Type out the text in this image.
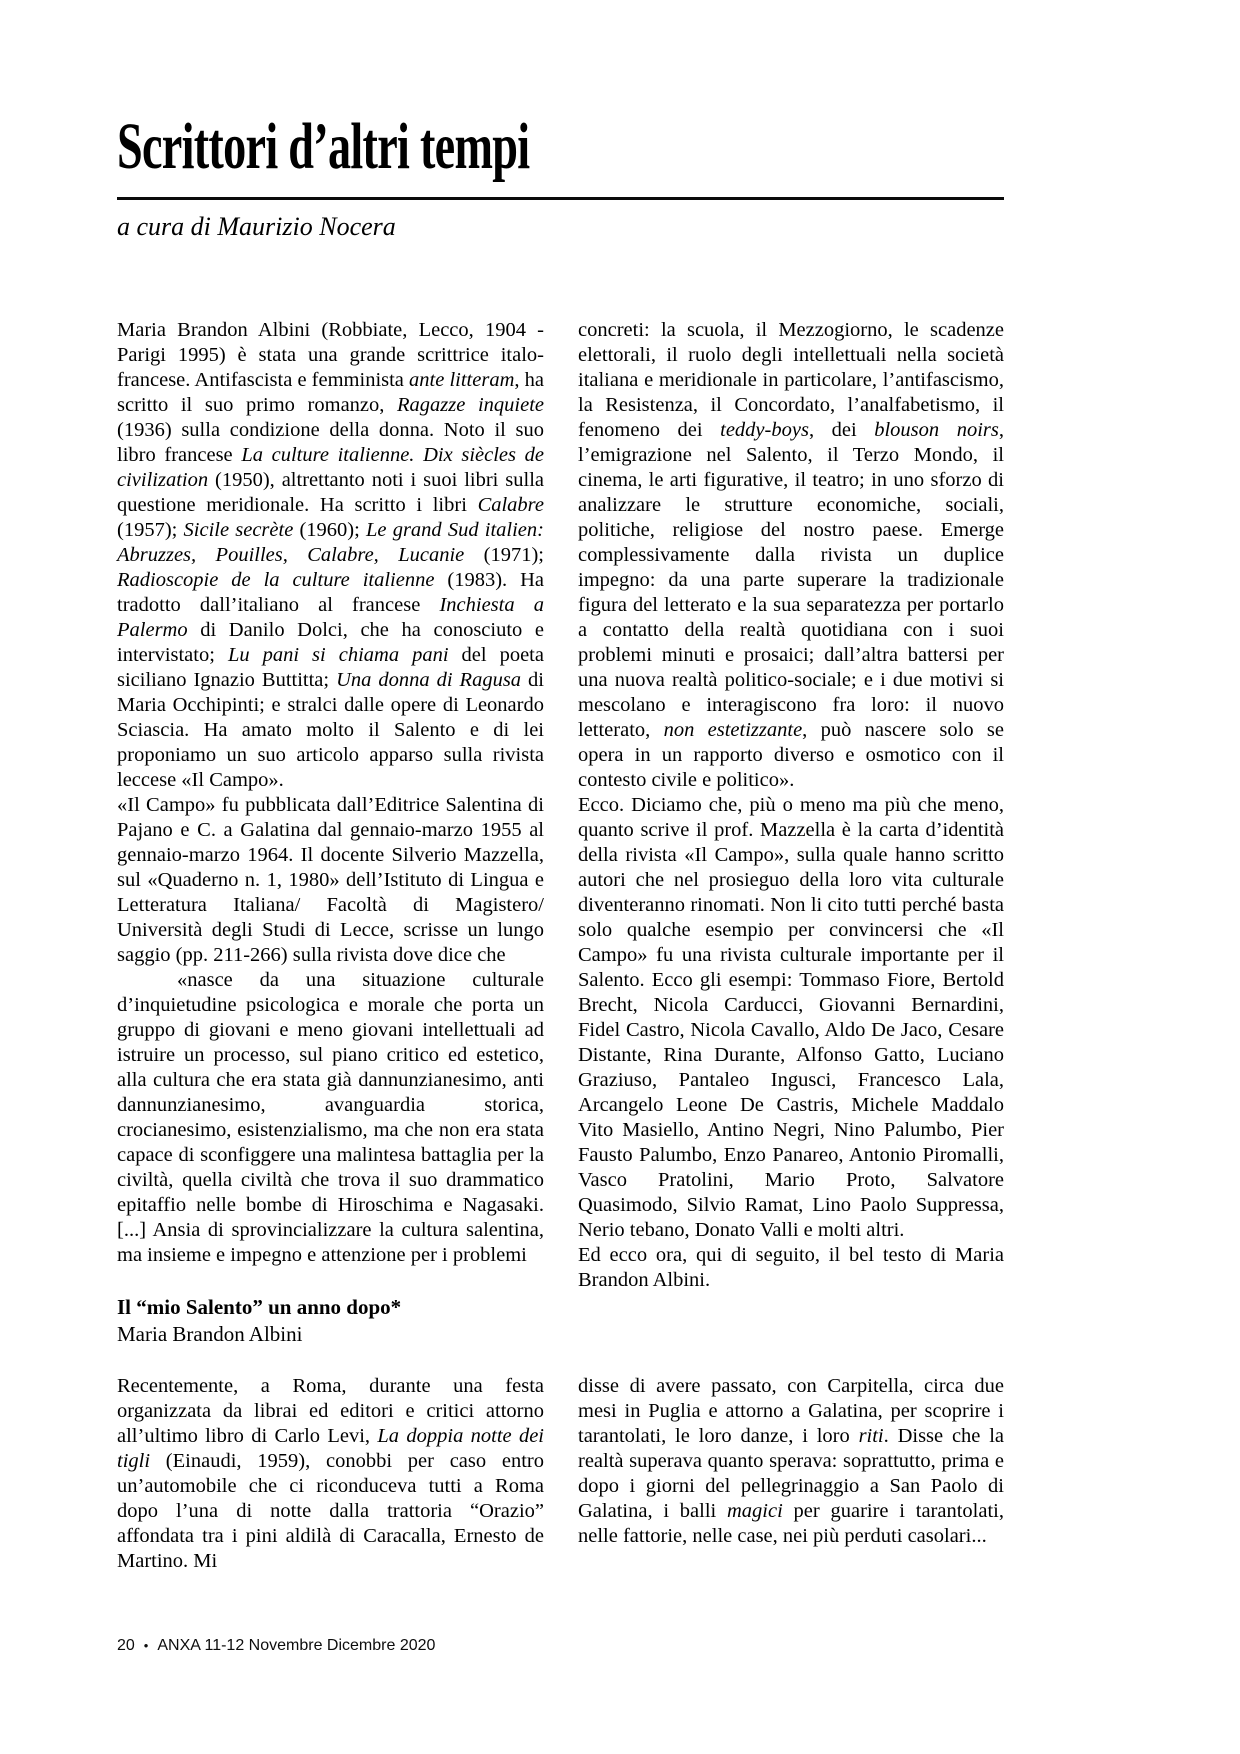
Scrittori d’altri tempi
a cura di Maurizio Nocera

Maria Brandon Albini (Robbiate, Lecco, 1904 - Parigi 1995) è stata una grande scrittrice italo-francese. Antifascista e femminista ante litteram, ha scritto il suo primo romanzo, Ragazze inquiete (1936) sulla condizione della donna. Noto il suo libro francese La culture italienne. Dix siècles de civilization (1950), altrettanto noti i suoi libri sulla questione meridionale. Ha scritto i libri Calabre (1957); Sicile secrète (1960); Le grand Sud italien: Abruzzes, Pouilles, Calabre, Lucanie (1971); Radioscopie de la culture italienne (1983). Ha tradotto dall’italiano al francese Inchiesta a Palermo di Danilo Dolci, che ha conosciuto e intervistato; Lu pani si chiama pani del poeta siciliano Ignazio Buttitta; Una donna di Ragusa di Maria Occhipinti; e stralci dalle opere di Leonardo Sciascia. Ha amato molto il Salento e di lei proponiamo un suo articolo apparso sulla rivista leccese «Il Campo».

«Il Campo» fu pubblicata dall’Editrice Salentina di Pajano e C. a Galatina dal gennaio-marzo 1955 al gennaio-marzo 1964. Il docente Silverio Mazzella, sul «Quaderno n. 1, 1980» dell’Istituto di Lingua e Letteratura Italiana/ Facoltà di Magistero/ Università degli Studi di Lecce, scrisse un lungo saggio (pp. 211-266) sulla rivista dove dice che

«nasce da una situazione culturale d’inquietudine psicologica e morale che porta un gruppo di giovani e meno giovani intellettuali ad istruire un processo, sul piano critico ed estetico, alla cultura che era stata già dannunzianesimo, anti dannunzianesimo, avanguardia storica, crocianesimo, esistenzialismo, ma che non era stata capace di sconfiggere una malintesa battaglia per la civiltà, quella civiltà che trova il suo drammatico epitaffio nelle bombe di Hiroschima e Nagasaki. [...] Ansia di sprovincializzare la cultura salentina, ma insieme e impegno e attenzione per i problemi

concreti: la scuola, il Mezzogiorno, le scadenze elettorali, il ruolo degli intellettuali nella società italiana e meridionale in particolare, l’antifascismo, la Resistenza, il Concordato, l’analfabetismo, il fenomeno dei teddy-boys, dei blouson noirs, l’emigrazione nel Salento, il Terzo Mondo, il cinema, le arti figurative, il teatro; in uno sforzo di analizzare le strutture economiche, sociali, politiche, religiose del nostro paese. Emerge complessivamente dalla rivista un duplice impegno: da una parte superare la tradizionale figura del letterato e la sua separatezza per portarlo a contatto della realtà quotidiana con i suoi problemi minuti e prosaici; dall’altra battersi per una nuova realtà politico-sociale; e i due motivi si mescolano e interagiscono fra loro: il nuovo letterato, non estetizzante, può nascere solo se opera in un rapporto diverso e osmotico con il contesto civile e politico».

Ecco. Diciamo che, più o meno ma più che meno, quanto scrive il prof. Mazzella è la carta d’identità della rivista «Il Campo», sulla quale hanno scritto autori che nel prosieguo della loro vita culturale diventeranno rinomati. Non li cito tutti perché basta solo qualche esempio per convincersi che «Il Campo» fu una rivista culturale importante per il Salento. Ecco gli esempi: Tommaso Fiore, Bertold Brecht, Nicola Carducci, Giovanni Bernardini, Fidel Castro, Nicola Cavallo, Aldo De Jaco, Cesare Distante, Rina Durante, Alfonso Gatto, Luciano Graziuso, Pantaleo Ingusci, Francesco Lala, Arcangelo Leone De Castris, Michele Maddalo Vito Masiello, Antino Negri, Nino Palumbo, Pier Fausto Palumbo, Enzo Panareo, Antonio Piromalli, Vasco Pratolini, Mario Proto, Salvatore Quasimodo, Silvio Ramat, Lino Paolo Suppressa, Nerio tebano, Donato Valli e molti altri.

Ed ecco ora, qui di seguito, il bel testo di Maria Brandon Albini.

Il “mio Salento” un anno dopo*
Maria Brandon Albini

Recentemente, a Roma, durante una festa organizzata da librai ed editori e critici attorno all’ultimo libro di Carlo Levi, La doppia notte dei tigli (Einaudi, 1959), conobbi per caso entro un’automobile che ci riconduceva tutti a Roma dopo l’una di notte dalla trattoria “Orazio” affondata tra i pini aldilà di Caracalla, Ernesto de Martino. Mi

disse di avere passato, con Carpitella, circa due mesi in Puglia e attorno a Galatina, per scoprire i tarantolati, le loro danze, i loro riti. Disse che la realtà superava quanto sperava: soprattutto, prima e dopo i giorni del pellegrinaggio a San Paolo di Galatina, i balli magici per guarire i tarantolati, nelle fattorie, nelle case, nei più perduti casolari...

20 • ANXA 11-12 Novembre Dicembre 2020
